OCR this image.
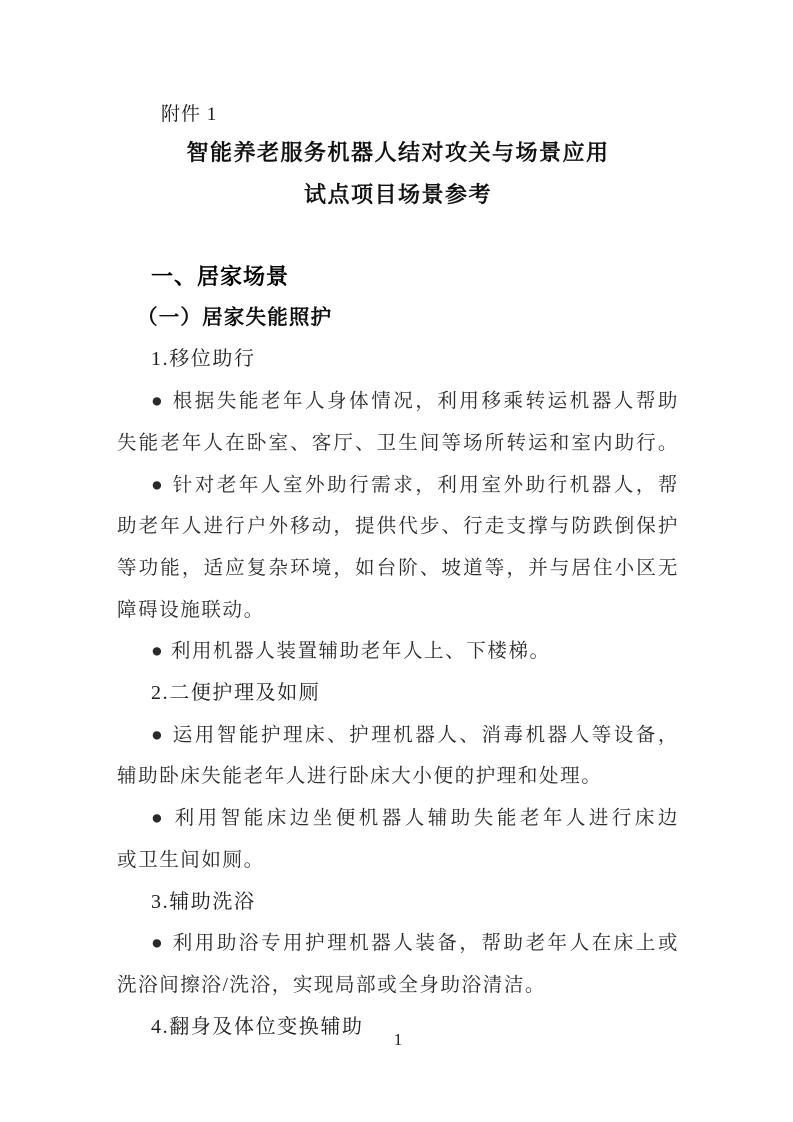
附件 1
智能养老服务机器人结对攻关与场景应用
试点项目场景参考
一、居家场景
（一）居家失能照护
1.移位助行
● 根据失能老年人身体情况，利用移乘转运机器人帮助
失能老年人在卧室、客厅、卫生间等场所转运和室内助行。
● 针对老年人室外助行需求，利用室外助行机器人，帮
助老年人进行户外移动，提供代步、行走支撑与防跌倒保护
等功能，适应复杂环境，如台阶、坡道等，并与居住小区无
障碍设施联动。
● 利用机器人装置辅助老年人上、下楼梯。
2.二便护理及如厕
● 运用智能护理床、护理机器人、消毒机器人等设备，
辅助卧床失能老年人进行卧床大小便的护理和处理。
● 利用智能床边坐便机器人辅助失能老年人进行床边
或卫生间如厕。
3.辅助洗浴
● 利用助浴专用护理机器人装备，帮助老年人在床上或
洗浴间擦浴/洗浴，实现局部或全身助浴清洁。
4.翻身及体位变换辅助
1
